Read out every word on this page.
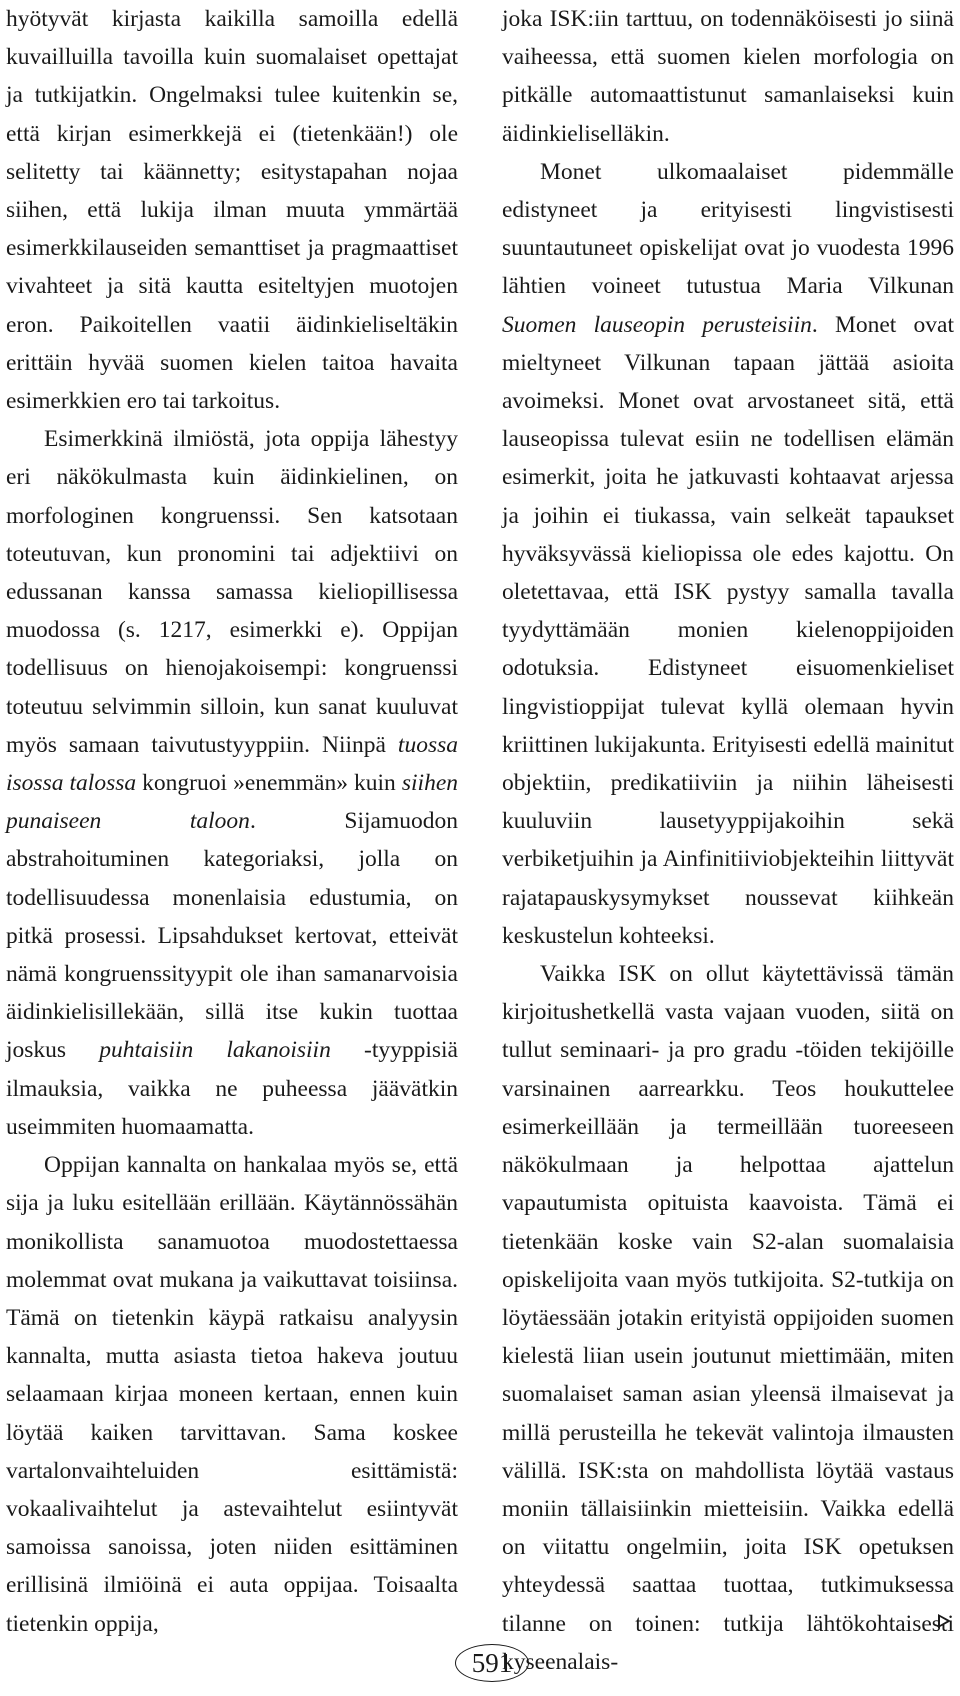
hyötyvät kirjasta kaikilla samoilla edellä kuvailluilla tavoilla kuin suomalaiset opettajat ja tutkijatkin. Ongelmaksi tulee kuitenkin se, että kirjan esimerkkejä ei (tietenkään!) ole selitetty tai käännetty; esitystapahan nojaa siihen, että lukija ilman muuta ymmärtää esimerkkilauseiden semanttiset ja pragmaattiset vivahteet ja sitä kautta esiteltyjen muotojen eron. Paikoitellen vaatii äidinkieliseltäkin erittäin hyvää suomen kielen taitoa havaita esimerkkien ero tai tarkoitus.

Esimerkkinä ilmiöstä, jota oppija lähestyy eri näkökulmasta kuin äidinkielinen, on morfologinen kongruenssi. Sen katsotaan toteutuvan, kun pronomini tai adjektiivi on edussanan kanssa samassa kieliopillisessa muodossa (s. 1217, esimerkki e). Oppijan todellisuus on hienojakoisempi: kongruenssi toteutuu selvimmin silloin, kun sanat kuuluvat myös samaan taivutustyyppiin. Niinpä tuossa isossa talossa kongruoi »enemmän» kuin siihen punaiseen taloon. Sijamuodon abstrahoituminen kategoriaksi, jolla on todellisuudessa monenlaisia edustumia, on pitkä prosessi. Lipsahdukset kertovat, etteivät nämä kongruenssityypit ole ihan samanarvoisia äidinkielisillekään, sillä itse kukin tuottaa joskus puhtaisiin lakanoisiin -tyyppisiä ilmauksia, vaikka ne puheessa jäävätkin useimmiten huomaamatta.

Oppijan kannalta on hankalaa myös se, että sija ja luku esitellään erillään. Käytännössähän monikollista sanamuotoa muodostettaessa molemmat ovat mukana ja vaikuttavat toisiinsa. Tämä on tietenkin käypä ratkaisu analyysin kannalta, mutta asiasta tietoa hakeva joutuu selaamaan kirjaa moneen kertaan, ennen kuin löytää kaiken tarvittavan. Sama koskee vartalonvaihteluiden esittämistä: vokaalivaihtelut ja astevaihtelut esiintyvät samoissa sanoissa, joten niiden esittäminen erillisinä ilmiöinä ei auta oppijaa. Toisaalta tietenkin oppija,

joka ISK:iin tarttuu, on todennäköisesti jo siinä vaiheessa, että suomen kielen morfologia on pitkälle automaattistunut samanlaiseksi kuin äidinkieliselläkin.

Monet ulkomaalaiset pidemmälle edistyneet ja erityisesti lingvistisesti suuntautuneet opiskelijat ovat jo vuodesta 1996 lähtien voineet tutustua Maria Vilkunan Suomen lauseopin perusteisiin. Monet ovat mieltyneet Vilkunan tapaan jättää asioita avoimeksi. Monet ovat arvostaneet sitä, että lauseopissa tulevat esiin ne todellisen elämän esimerkit, joita he jatkuvasti kohtaavat arjessa ja joihin ei tiukassa, vain selkeät tapaukset hyväksyvässä kieliopissa ole edes kajottu. On oletettavaa, että ISK pystyy samalla tavalla tyydyttämään monien kielenoppijoiden odotuksia. Edistyneet eisuomenkieliset lingvistioppijat tulevat kyllä olemaan hyvin kriittinen lukijakunta. Erityisesti edellä mainitut objektiin, predikatiiviin ja niihin läheisesti kuuluviin lausetyyppijakoihin sekä verbiketjuihin ja Ainfinitiiviobjekteihin liittyvät rajatapauskysymykset noussevat kiihkeän keskustelun kohteeksi.

Vaikka ISK on ollut käytettävissä tämän kirjoitushetkellä vasta vajaan vuoden, siitä on tullut seminaari- ja pro gradu -töiden tekijöille varsinainen aarrearkku. Teos houkuttelee esimerkeillään ja termeillään tuoreeseen näkökulmaan ja helpottaa ajattelun vapautumista opituista kaavoista. Tämä ei tietenkään koske vain S2-alan suomalaisia opiskelijoita vaan myös tutkijoita. S2-tutkija on löytäessään jotakin erityistä oppijoiden suomen kielestä liian usein joutunut miettimään, miten suomalaiset saman asian yleensä ilmaisevat ja millä perusteilla he tekevät valintoja ilmausten välillä. ISK:sta on mahdollista löytää vastaus moniin tällaisiinkin mietteisiin. Vaikka edellä on viitattu ongelmiin, joita ISK opetuksen yhteydessä saattaa tuottaa, tutkimuksessa tilanne on toinen: tutkija lähtökohtaisesti kyseenalais-

591
